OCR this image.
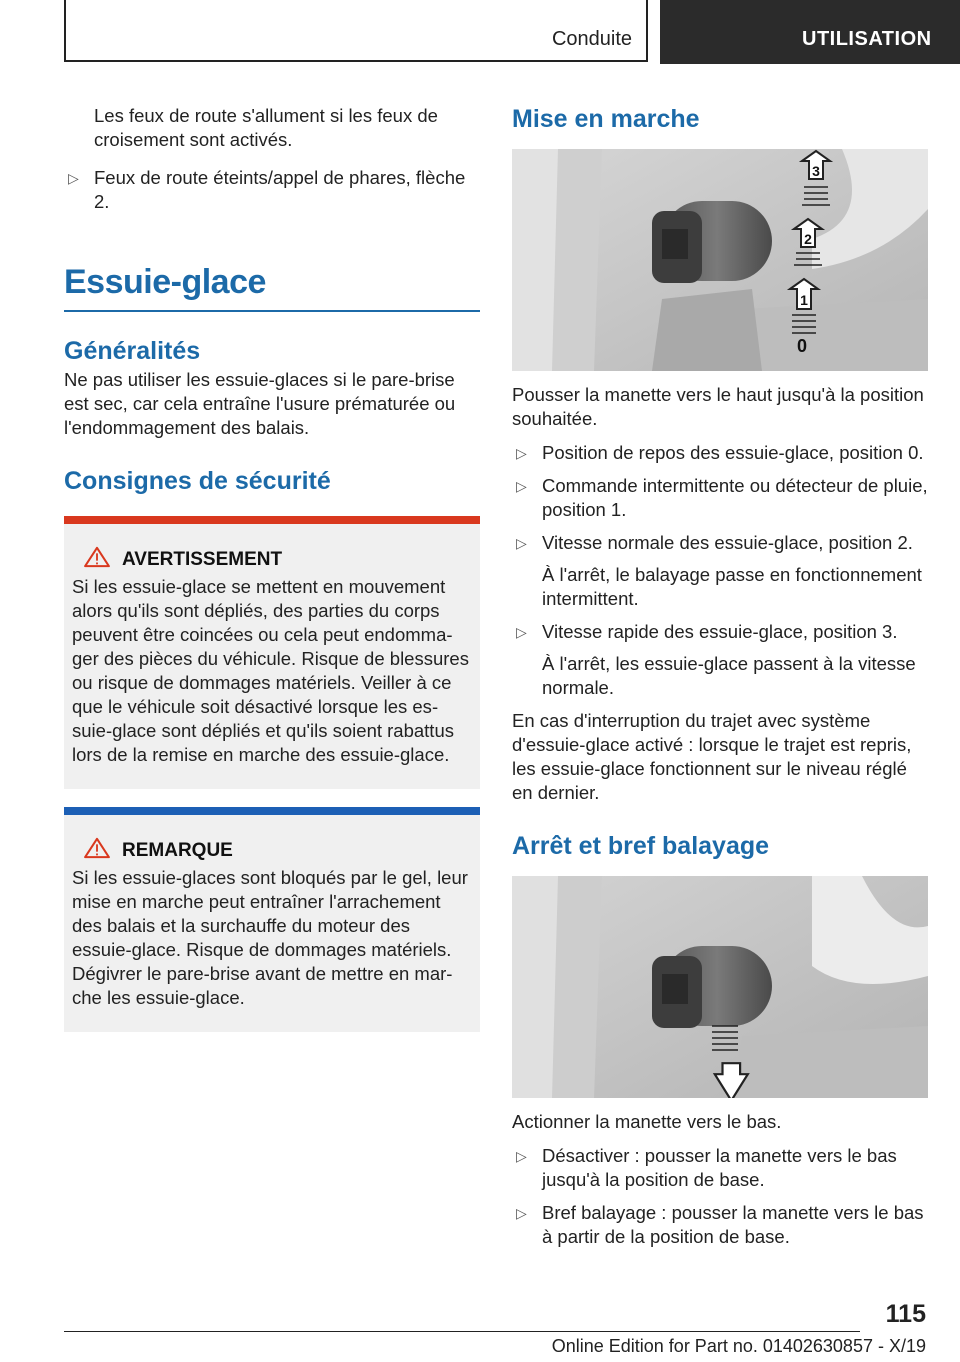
Conduite	UTILISATION

Les feux de route s'allument si les feux de croisement sont activés.

▷ Feux de route éteints/appel de phares, flèche 2.
Essuie-glace
Généralités

Ne pas utiliser les essuie-glaces si le pare-brise est sec, car cela entraîne l'usure prématurée ou l'endommagement des balais.

Consignes de sécurité
AVERTISSEMENT

Si les essuie-glace se mettent en mouvement alors qu'ils sont dépliés, des parties du corps peuvent être coincées ou cela peut endommager des pièces du véhicule. Risque de blessures ou risque de dommages matériels. Veiller à ce que le véhicule soit désactivé lorsque les essuie-glace sont dépliés et qu'ils soient rabattus lors de la remise en marche des essuie-glace.

REMARQUE

Si les essuie-glaces sont bloqués par le gel, leur mise en marche peut entraîner l'arrachement des balais et la surchauffe du moteur des essuie-glace. Risque de dommages matériels. Dégivrer le pare-brise avant de mettre en marche les essuie-glace.

Mise en marche
3
2
1
0

Pousser la manette vers le haut jusqu'à la position souhaitée.

▷ Position de repos des essuie-glace, position 0.
▷ Commande intermittente ou détecteur de pluie, position 1.
▷ Vitesse normale des essuie-glace, position 2.

À l'arrêt, le balayage passe en fonctionnement intermittent.

▷ Vitesse rapide des essuie-glace, position 3.

À l'arrêt, les essuie-glace passent à la vitesse normale.

En cas d'interruption du trajet avec système d'essuie-glace activé : lorsque le trajet est repris, les essuie-glace fonctionnent sur le niveau réglé en dernier.

Arrêt et bref balayage

Actionner la manette vers le bas.

▷ Désactiver : pousser la manette vers le bas jusqu'à la position de base.
▷ Bref balayage : pousser la manette vers le bas à partir de la position de base.
115
Online Edition for Part no. 01402630857 - X/19
